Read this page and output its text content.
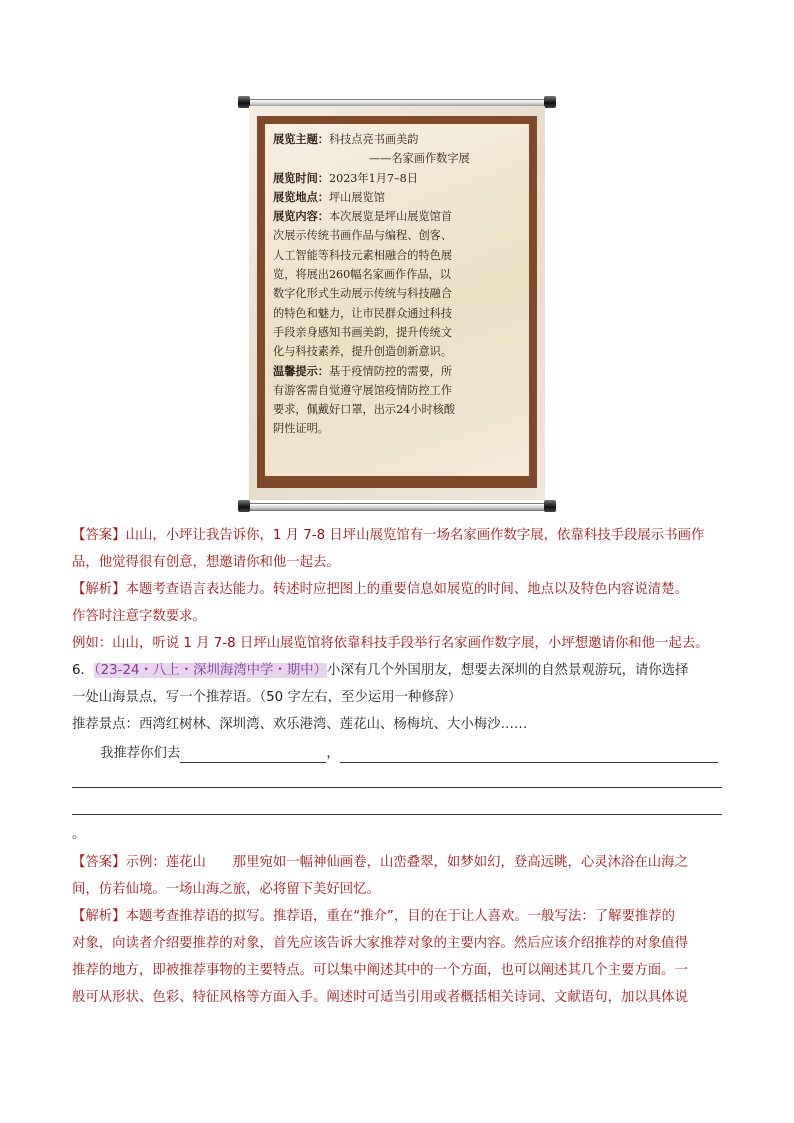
展览主题：科技点亮书画美韵

——名家画作数字展

展览时间：2023年1月7–8日

展览地点：坪山展览馆

展览内容：本次展览是坪山展览馆首

次展示传统书画作品与编程、创客、

人工智能等科技元素相融合的特色展

览，将展出260幅名家画作作品，以

数字化形式生动展示传统与科技融合

的特色和魅力，让市民群众通过科技

手段亲身感知书画美韵，提升传统文

化与科技素养，提升创造创新意识。

温馨提示：基于疫情防控的需要，所

有游客需自觉遵守展馆疫情防控工作

要求，佩戴好口罩，出示24小时核酸

阴性证明。

【答案】山山，小坪让我告诉你，1 月 7-8 日坪山展览馆有一场名家画作数字展，依靠科技手段展示书画作
品，他觉得很有创意，想邀请你和他一起去。
【解析】本题考查语言表达能力。转述时应把图上的重要信息如展览的时间、地点以及特色内容说清楚。
作答时注意字数要求。
例如：山山，听说 1 月 7-8 日坪山展览馆将依靠科技手段举行名家画作数字展，小坪想邀请你和他一起去。
6．（23-24・八上・深圳海湾中学・期中）小深有几个外国朋友，想要去深圳的自然景观游玩，请你选择
一处山海景点，写一个推荐语。（50 字左右，至少运用一种修辞）
推荐景点：西湾红树林、深圳湾、欢乐港湾、莲花山、杨梅坑、大小梅沙……
我推荐你们去	，
。
【答案】示例：莲花山　　那里宛如一幅神仙画卷，山峦叠翠，如梦如幻，登高远眺，心灵沐浴在山海之
间，仿若仙境。一场山海之旅，必将留下美好回忆。
【解析】本题考查推荐语的拟写。推荐语，重在“推介”，目的在于让人喜欢。一般写法：了解要推荐的
对象，向读者介绍要推荐的对象，首先应该告诉大家推荐对象的主要内容。然后应该介绍推荐的对象值得
推荐的地方，即被推荐事物的主要特点。可以集中阐述其中的一个方面，也可以阐述其几个主要方面。一
般可从形状、色彩、特征风格等方面入手。阐述时可适当引用或者概括相关诗词、文献语句，加以具体说
